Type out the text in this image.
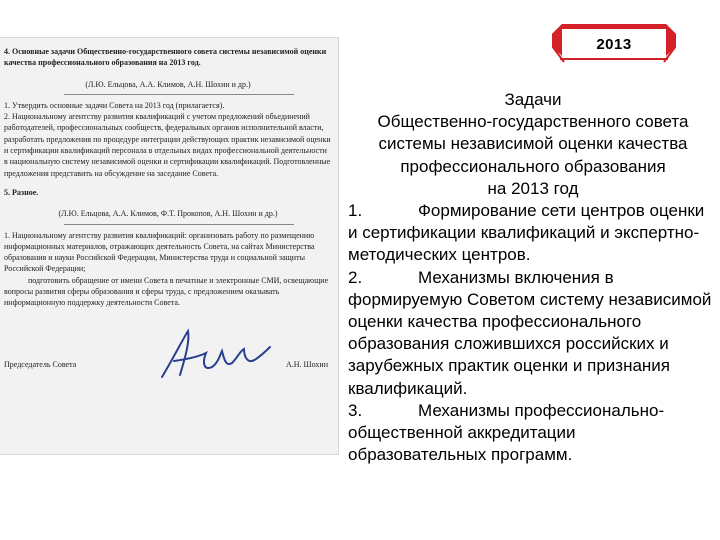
4. Основные задачи Общественно-государственного совета системы независимой оценки качества профессионального образования на 2013 год.

(Л.Ю. Ельцова, А.А. Климов, А.Н. Шохин и др.)

1. Утвердить основные задачи Совета на 2013 год (прилагается).

2. Национальному агентству развития квалификаций с учетом предложений объединений работодателей, профессиональных сообществ, федеральных органов исполнительной власти, разработать предложения по процедуре интеграции действующих практик независимой оценки и сертификации квалификаций персонала в отдельных видах профессиональной деятельности в национальную систему независимой оценки и сертификации квалификаций. Подготовленные предложения представить на обсуждение на заседание Совета.

5. Разное.

(Л.Ю. Ельцова, А.А. Климов, Ф.Т. Прокопов, А.Н. Шохин и др.)

1. Национальному агентству развития квалификаций: организовать работу по размещению информационных материалов, отражающих деятельность Совета, на сайтах Министерства образования и науки Российской Федерации, Министерства труда и социальной защиты Российской Федерации;

подготовить обращение от имени Совета в печатные и электронные СМИ, освещающие вопросы развития сферы образования и сферы труда, с предложением оказывать информационную поддержку деятельности Совета.

Председатель Совета	А.Н. Шохин
2013
Задачи
Общественно-государственного совета
системы независимой оценки качества
профессионального образования
на 2013 год
1.	Формирование сети центров оценки и сертификации квалификаций и экспертно-методических центров.
2.	Механизмы включения в формируемую Советом систему независимой оценки качества профессионального образования сложившихся российских и зарубежных практик оценки и признания квалификаций.
3.	Механизмы профессионально-общественной аккредитации образовательных программ.
